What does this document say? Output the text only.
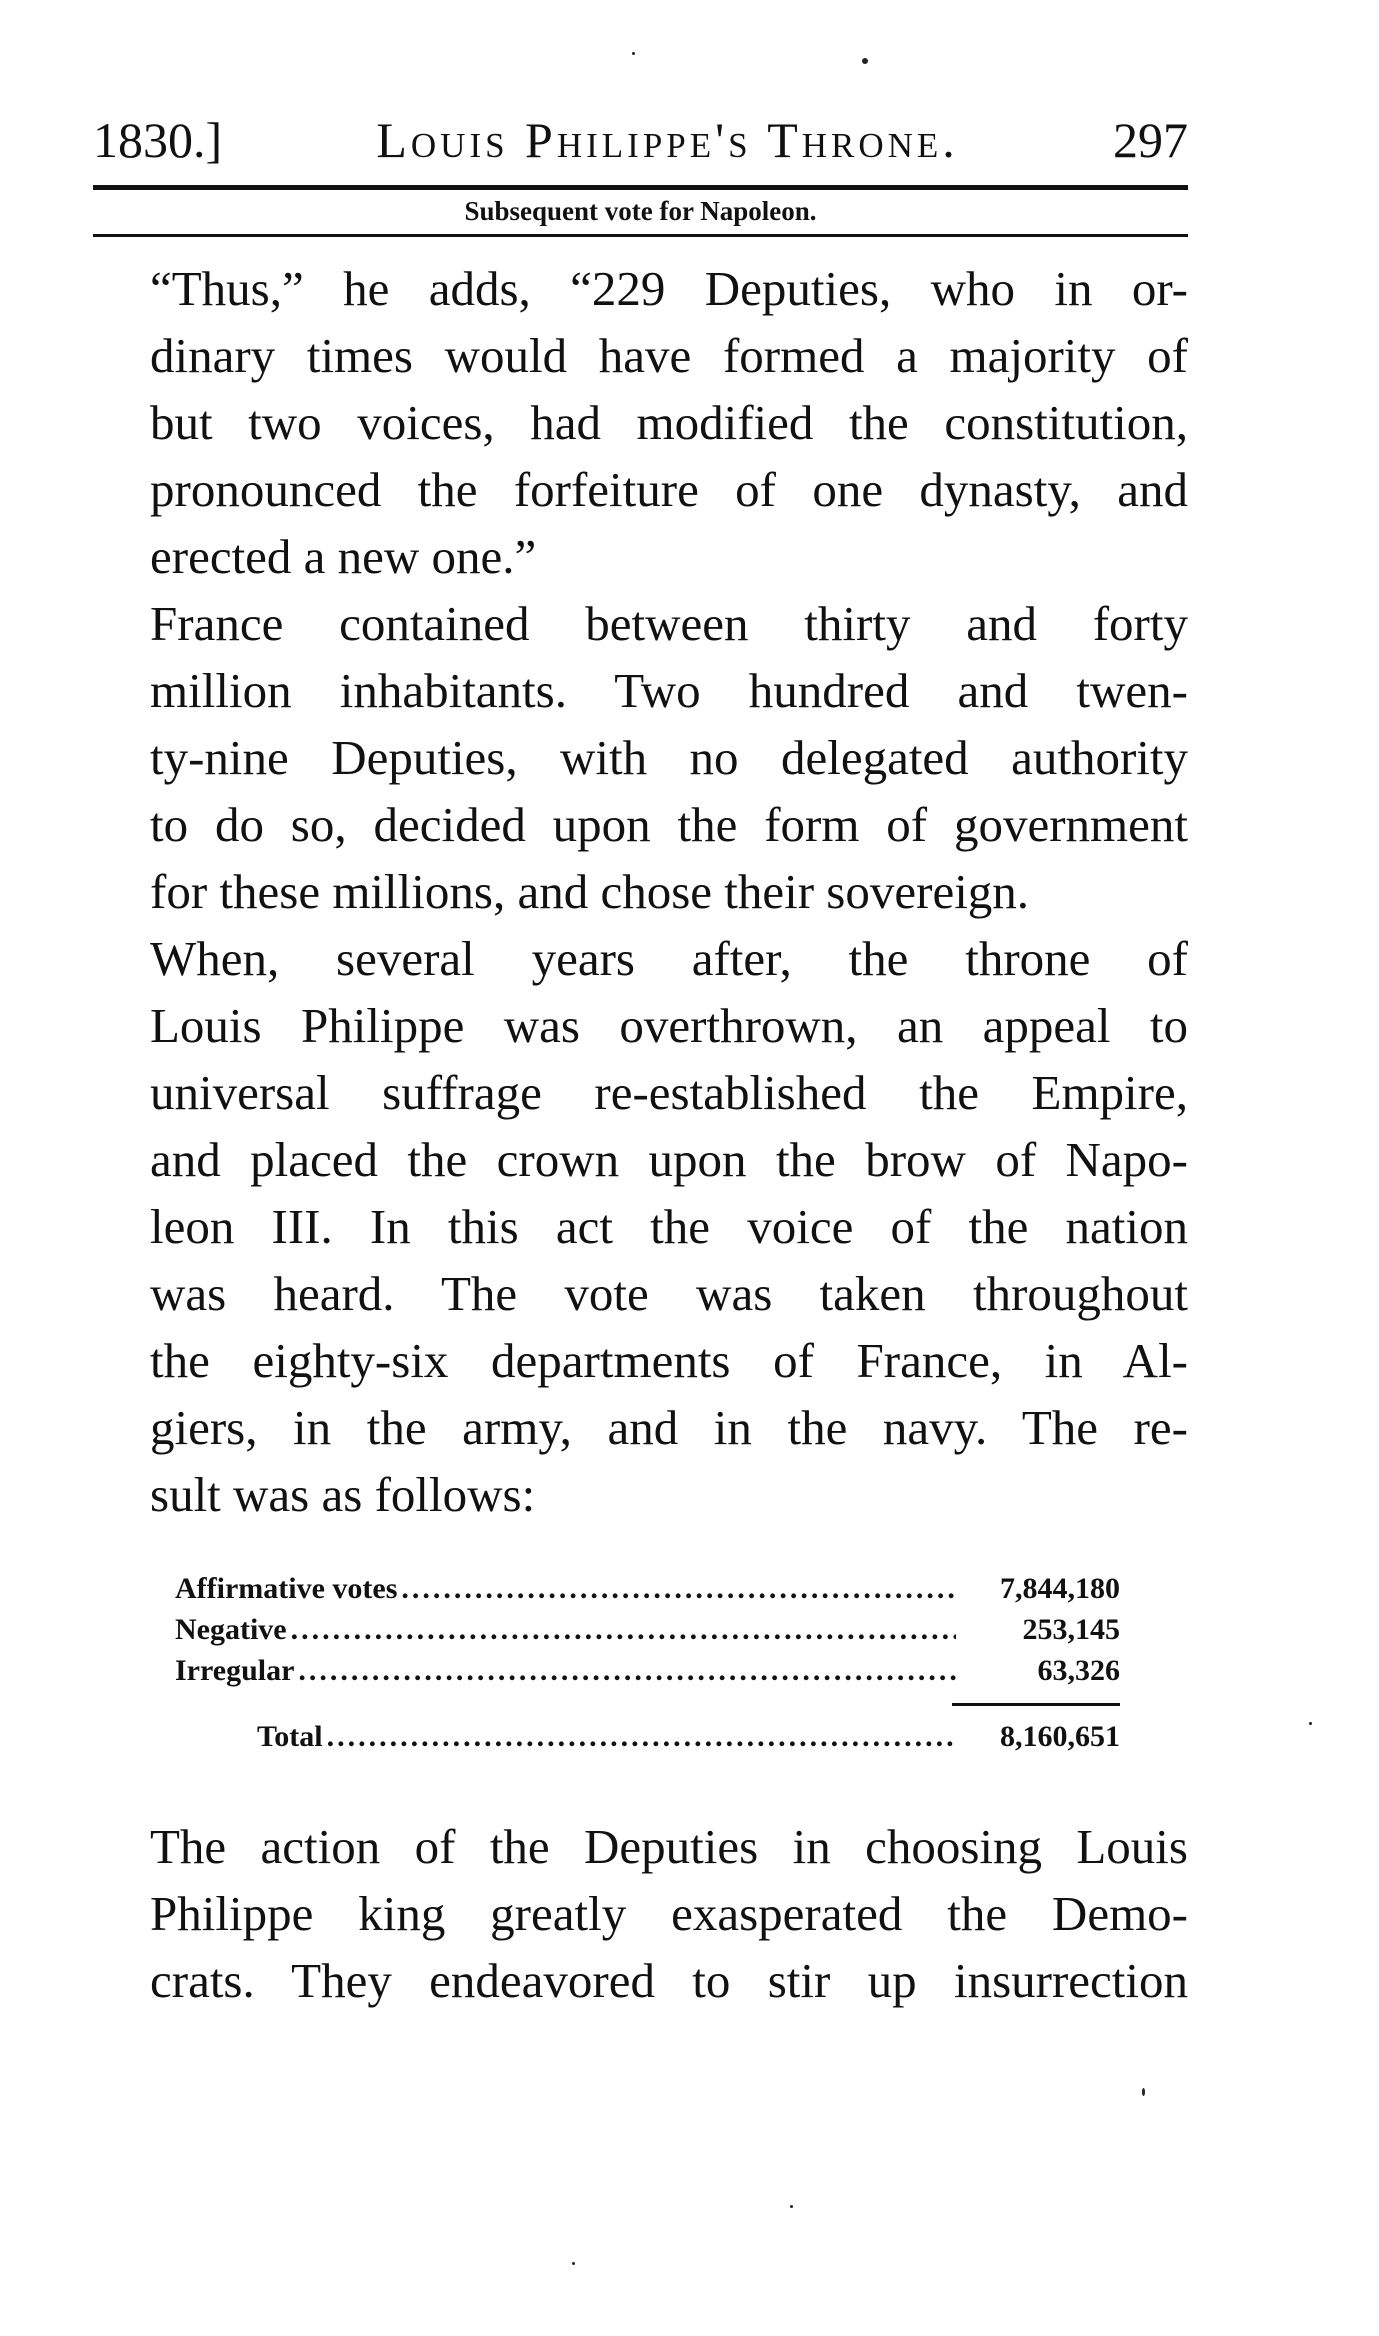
1830.]	Louis Philippe's Throne.	297
Subsequent vote for Napoleon.

“Thus,” he adds, “229 Deputies, who in or-
dinary times would have formed a majority of
but two voices, had modified the constitution,
pronounced the forfeiture of one dynasty, and
erected a new one.”

France contained between thirty and forty
million inhabitants. Two hundred and twen-
ty-nine Deputies, with no delegated authority
to do so, decided upon the form of government
for these millions, and chose their sovereign.

When, several years after, the throne of
Louis Philippe was overthrown, an appeal to
universal suffrage re-established the Empire,
and placed the crown upon the brow of Napo-
leon III. In this act the voice of the nation
was heard. The vote was taken throughout
the eighty-six departments of France, in Al-
giers, in the army, and in the navy. The re-
sult was as follows:

Affirmative votes .....	7,844,180
Negative .....	253,145
Irregular .....	63,326
Total .....	8,160,651

The action of the Deputies in choosing Louis
Philippe king greatly exasperated the Demo-
crats. They endeavored to stir up insurrection
